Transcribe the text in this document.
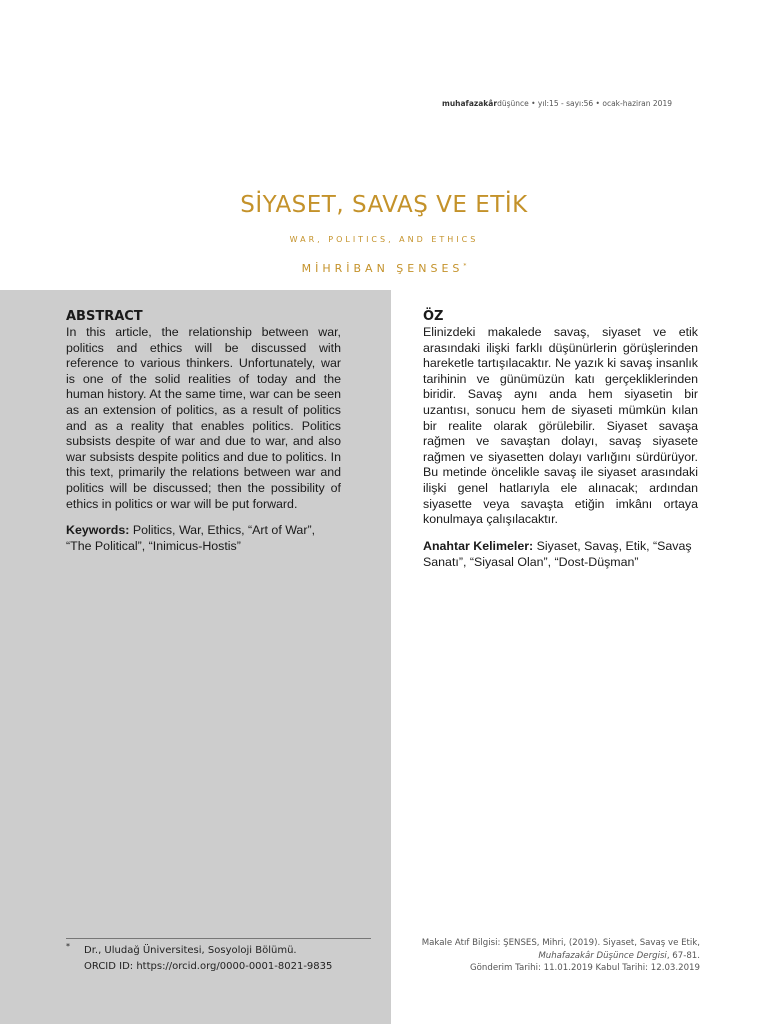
muhafazakârdüşünce • yıl:15 - sayı:56 • ocak-haziran 2019
SİYASET, SAVAŞ VE ETİK
WAR, POLITICS, AND ETHICS
MİHRİBAN ŞENSES*
ABSTRACT

In this article, the relationship between war, politics and ethics will be discussed with reference to various thinkers. Unfortunately, war is one of the solid realities of today and the human history. At the same time, war can be seen as an extension of politics, as a result of politics and as a reality that enables politics. Politics subsists despite of war and due to war, and also war subsists despite politics and due to politics. In this text, primarily the relations between war and politics will be discussed; then the possibility of ethics in politics or war will be put forward.

Keywords: Politics, War, Ethics, “Art of War”, “The Political”, “Inimicus-Hostis”

ÖZ

Elinizdeki makalede savaş, siyaset ve etik arasındaki ilişki farklı düşünürlerin görüşlerinden hareketle tartışılacaktır. Ne yazık ki savaş insanlık tarihinin ve günümüzün katı gerçekliklerinden biridir. Savaş aynı anda hem siyasetin bir uzantısı, sonucu hem de siyaseti mümkün kılan bir realite olarak görülebilir. Siyaset savaşa rağmen ve savaştan dolayı, savaş siyasete rağmen ve siyasetten dolayı varlığını sürdürüyor. Bu metinde öncelikle savaş ile siyaset arasındaki ilişki genel hatlarıyla ele alınacak; ardından siyasette veya savaşta etiğin imkânı ortaya konulmaya çalışılacaktır.

Anahtar Kelimeler: Siyaset, Savaş, Etik, “Savaş Sanatı”, “Siyasal Olan”, “Dost-Düşman”

*	Dr., Uludağ Üniversitesi, Sosyoloji Bölümü.
ORCID ID: https://orcid.org/0000-0001-8021-9835
Makale Atıf Bilgisi: ŞENSES, Mihri, (2019). Siyaset, Savaş ve Etik,
Muhafazakâr Düşünce Dergisi, 67-81.
Gönderim Tarihi: 11.01.2019 Kabul Tarihi: 12.03.2019
